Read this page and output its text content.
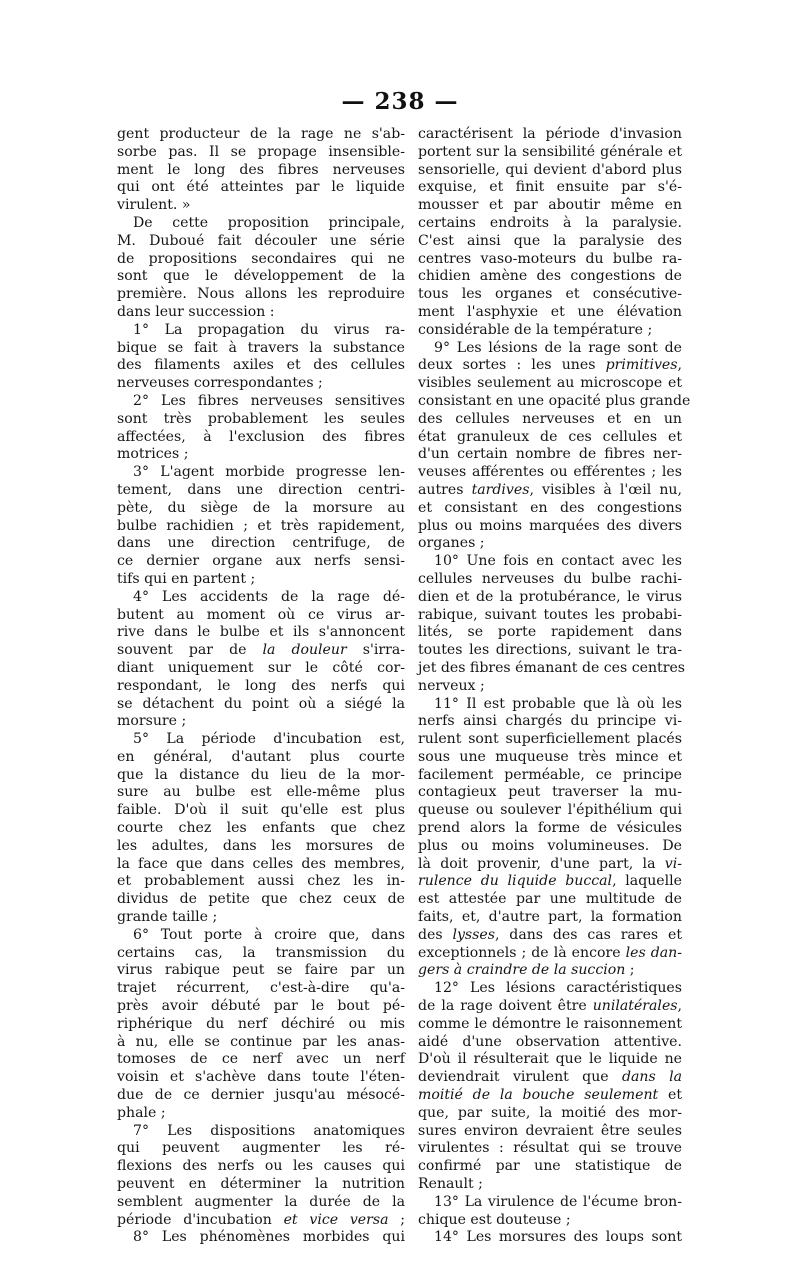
— 238 —
gent producteur de la rage ne s'ab-
sorbe pas. Il se propage insensible-
ment le long des fibres nerveuses
qui ont été atteintes par le liquide
virulent. »
De cette proposition principale,
M. Duboué fait découler une série
de propositions secondaires qui ne
sont que le développement de la
première. Nous allons les reproduire
dans leur succession :
1° La propagation du virus ra-
bique se fait à travers la substance
des filaments axiles et des cellules
nerveuses correspondantes ;
2° Les fibres nerveuses sensitives
sont très probablement les seules
affectées, à l'exclusion des fibres
motrices ;
3° L'agent morbide progresse len-
tement, dans une direction centri-
pète, du siège de la morsure au
bulbe rachidien ; et très rapidement,
dans une direction centrifuge, de
ce dernier organe aux nerfs sensi-
tifs qui en partent ;
4° Les accidents de la rage dé-
butent au moment où ce virus ar-
rive dans le bulbe et ils s'annoncent
souvent par de la douleur s'irra-
diant uniquement sur le côté cor-
respondant, le long des nerfs qui
se détachent du point où a siégé la
morsure ;
5° La période d'incubation est,
en général, d'autant plus courte
que la distance du lieu de la mor-
sure au bulbe est elle-même plus
faible. D'où il suit qu'elle est plus
courte chez les enfants que chez
les adultes, dans les morsures de
la face que dans celles des membres,
et probablement aussi chez les in-
dividus de petite que chez ceux de
grande taille ;
6° Tout porte à croire que, dans
certains cas, la transmission du
virus rabique peut se faire par un
trajet récurrent, c'est-à-dire qu'a-
près avoir débuté par le bout pé-
riphérique du nerf déchiré ou mis
à nu, elle se continue par les anas-
tomoses de ce nerf avec un nerf
voisin et s'achève dans toute l'éten-
due de ce dernier jusqu'au mésocé-
phale ;
7° Les dispositions anatomiques
qui peuvent augmenter les ré-
flexions des nerfs ou les causes qui
peuvent en déterminer la nutrition
semblent augmenter la durée de la
période d'incubation et vice versa ;
8° Les phénomènes morbides qui
caractérisent la période d'invasion
portent sur la sensibilité générale et
sensorielle, qui devient d'abord plus
exquise, et finit ensuite par s'é-
mousser et par aboutir même en
certains endroits à la paralysie.
C'est ainsi que la paralysie des
centres vaso-moteurs du bulbe ra-
chidien amène des congestions de
tous les organes et consécutive-
ment l'asphyxie et une élévation
considérable de la température ;
9° Les lésions de la rage sont de
deux sortes : les unes primitives,
visibles seulement au microscope et
consistant en une opacité plus grande
des cellules nerveuses et en un
état granuleux de ces cellules et
d'un certain nombre de fibres ner-
veuses afférentes ou efférentes ; les
autres tardives, visibles à l'œil nu,
et consistant en des congestions
plus ou moins marquées des divers
organes ;
10° Une fois en contact avec les
cellules nerveuses du bulbe rachi-
dien et de la protubérance, le virus
rabique, suivant toutes les probabi-
lités, se porte rapidement dans
toutes les directions, suivant le tra-
jet des fibres émanant de ces centres
nerveux ;
11° Il est probable que là où les
nerfs ainsi chargés du principe vi-
rulent sont superficiellement placés
sous une muqueuse très mince et
facilement perméable, ce principe
contagieux peut traverser la mu-
queuse ou soulever l'épithélium qui
prend alors la forme de vésicules
plus ou moins volumineuses. De
là doit provenir, d'une part, la vi-
rulence du liquide buccal, laquelle
est attestée par une multitude de
faits, et, d'autre part, la formation
des lysses, dans des cas rares et
exceptionnels ; de là encore les dan-
gers à craindre de la succion ;
12° Les lésions caractéristiques
de la rage doivent être unilatérales,
comme le démontre le raisonnement
aidé d'une observation attentive.
D'où il résulterait que le liquide ne
deviendrait virulent que dans la
moitié de la bouche seulement et
que, par suite, la moitié des mor-
sures environ devraient être seules
virulentes : résultat qui se trouve
confirmé par une statistique de
Renault ;
13° La virulence de l'écume bron-
chique est douteuse ;
14° Les morsures des loups sont
